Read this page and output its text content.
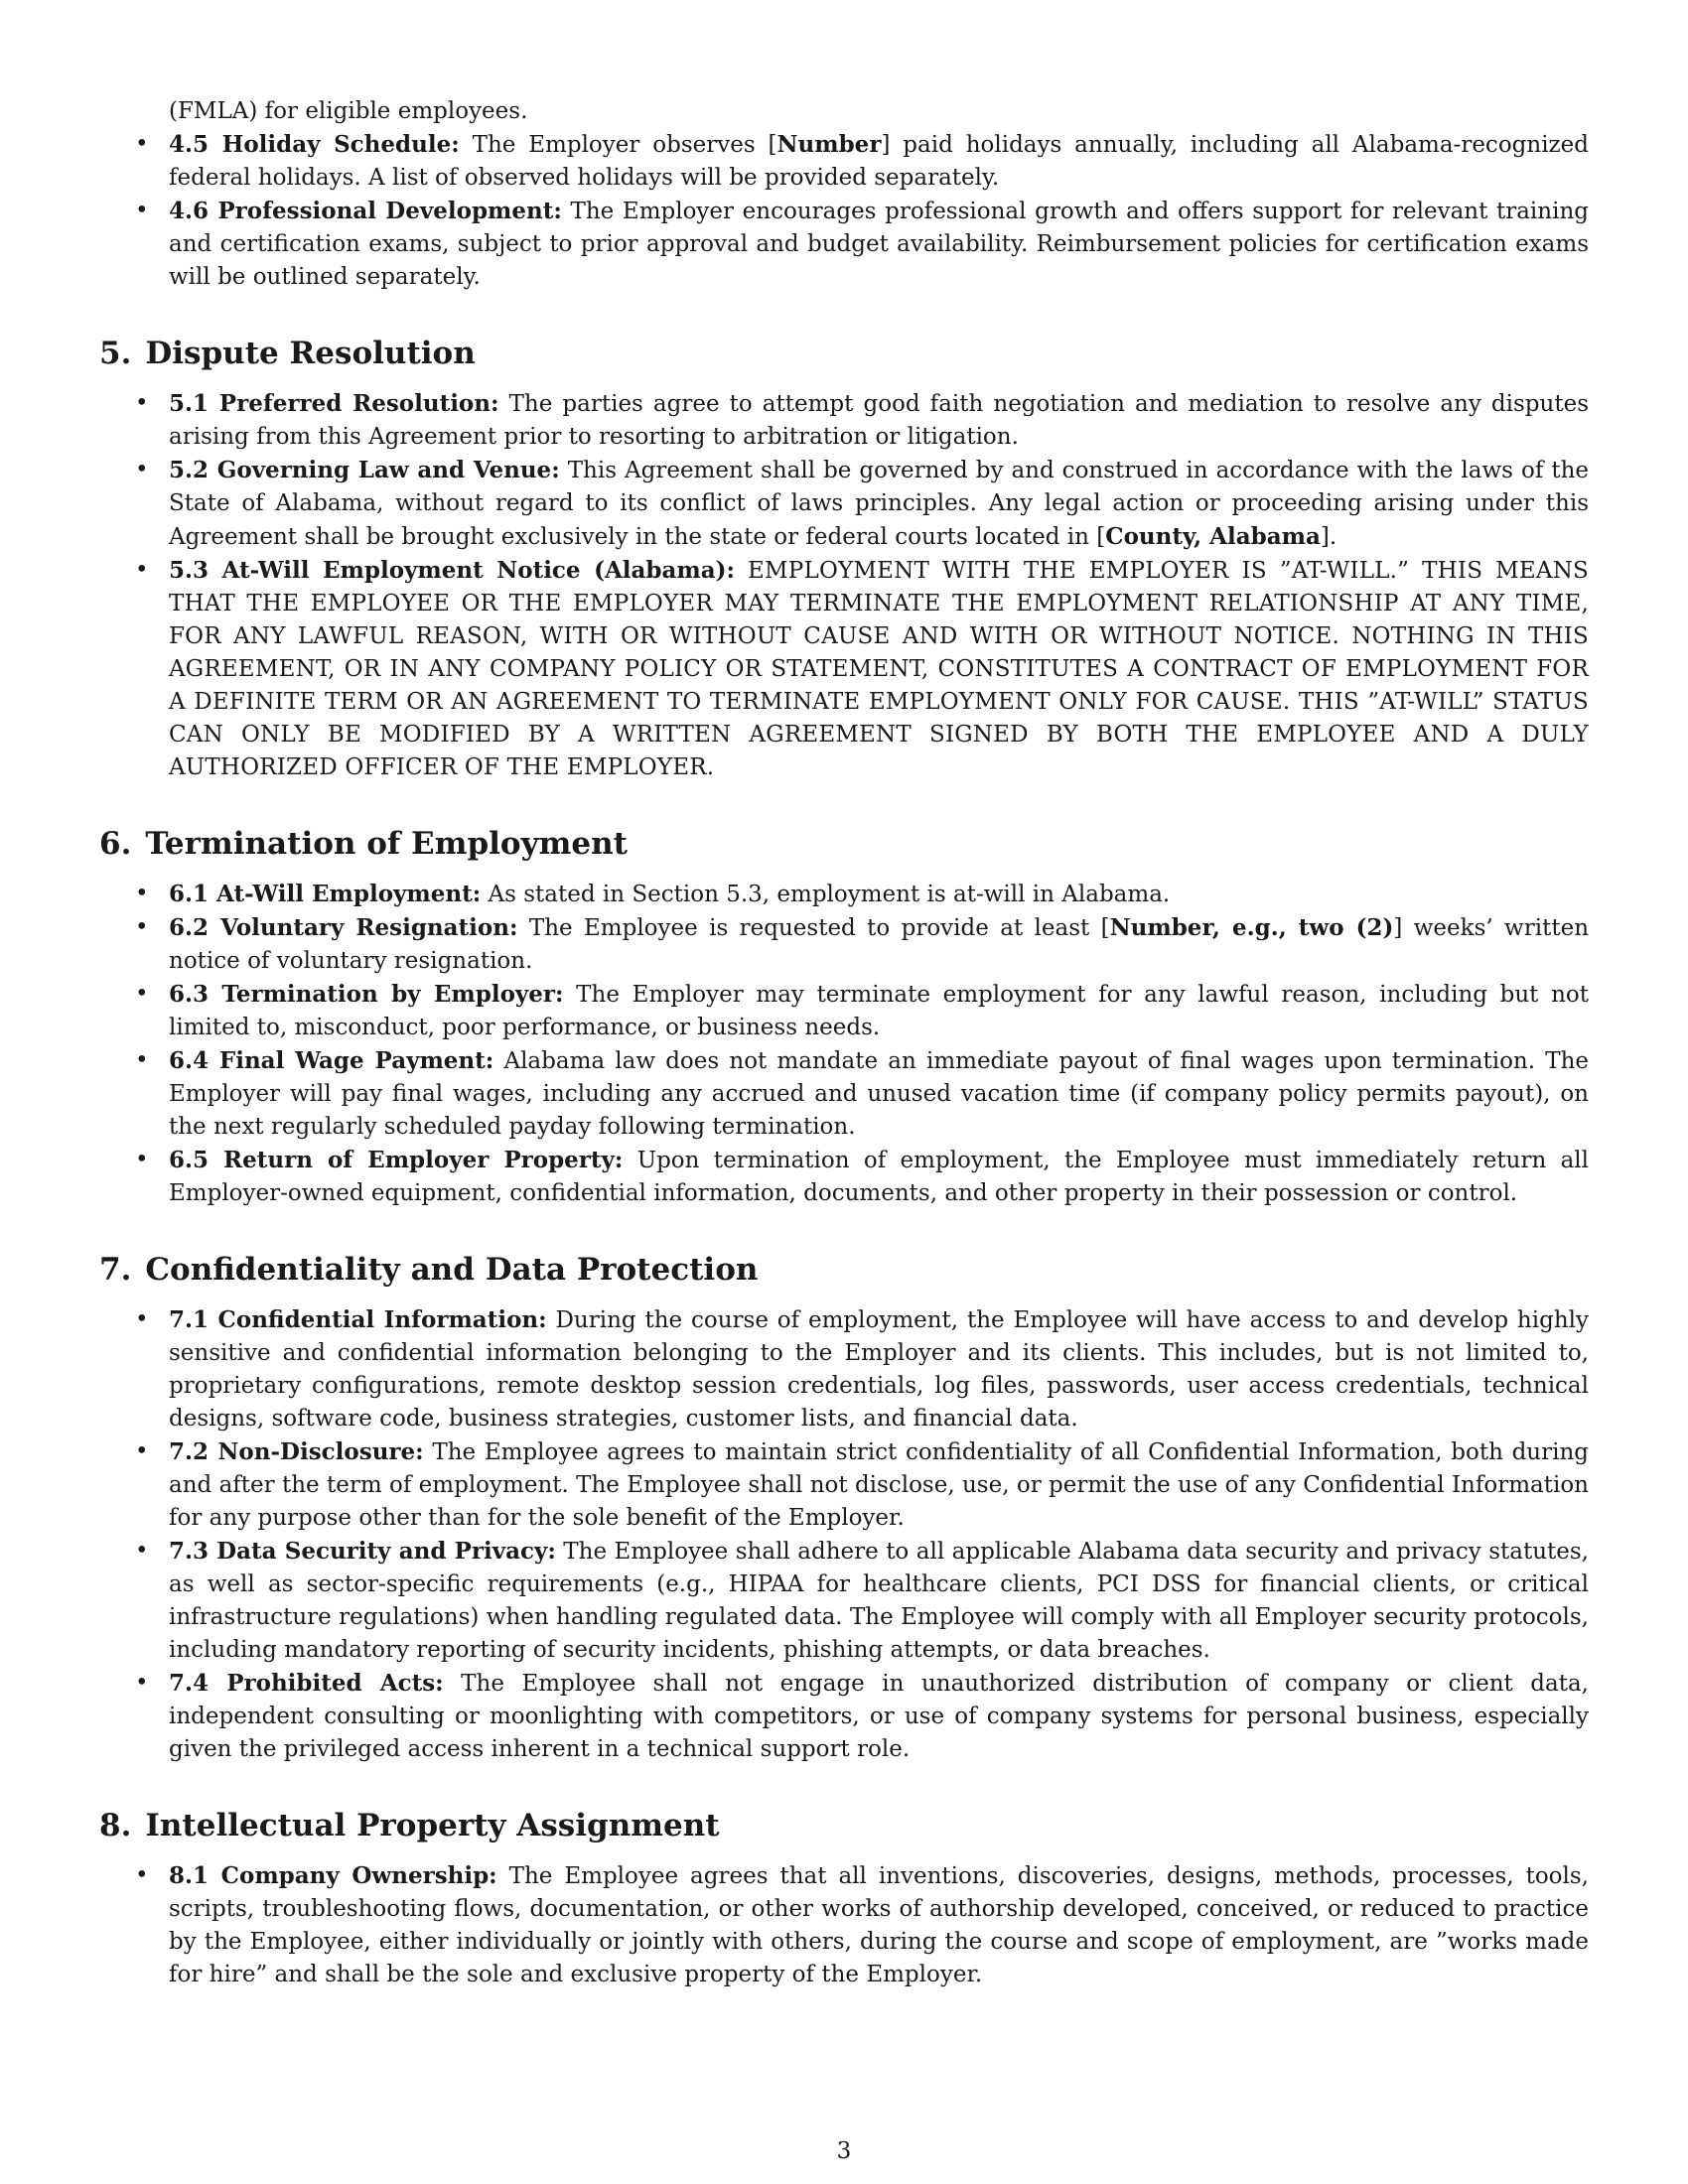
(FMLA) for eligible employees.

• 4.5 Holiday Schedule: The Employer observes [Number] paid holidays annually, including all Alabama-recognized federal holidays. A list of observed holidays will be provided separately.
• 4.6 Professional Development: The Employer encourages professional growth and offers support for relevant training and certification exams, subject to prior approval and budget availability. Reimbursement policies for certification exams will be outlined separately.
5. Dispute Resolution
• 5.1 Preferred Resolution: The parties agree to attempt good faith negotiation and mediation to resolve any disputes arising from this Agreement prior to resorting to arbitration or litigation.
• 5.2 Governing Law and Venue: This Agreement shall be governed by and construed in accordance with the laws of the State of Alabama, without regard to its conflict of laws principles. Any legal action or proceeding arising under this Agreement shall be brought exclusively in the state or federal courts located in [County, Alabama].
• 5.3 At-Will Employment Notice (Alabama): EMPLOYMENT WITH THE EMPLOYER IS ”AT-WILL.” THIS MEANS THAT THE EMPLOYEE OR THE EMPLOYER MAY TERMINATE THE EMPLOYMENT RELATIONSHIP AT ANY TIME, FOR ANY LAWFUL REASON, WITH OR WITHOUT CAUSE AND WITH OR WITHOUT NOTICE. NOTHING IN THIS AGREEMENT, OR IN ANY COMPANY POLICY OR STATEMENT, CONSTITUTES A CONTRACT OF EMPLOYMENT FOR A DEFINITE TERM OR AN AGREEMENT TO TERMINATE EMPLOYMENT ONLY FOR CAUSE. THIS ”AT-WILL” STATUS CAN ONLY BE MODIFIED BY A WRITTEN AGREEMENT SIGNED BY BOTH THE EMPLOYEE AND A DULY AUTHORIZED OFFICER OF THE EMPLOYER.
6. Termination of Employment
• 6.1 At-Will Employment: As stated in Section 5.3, employment is at-will in Alabama.
• 6.2 Voluntary Resignation: The Employee is requested to provide at least [Number, e.g., two (2)] weeks’ written notice of voluntary resignation.
• 6.3 Termination by Employer: The Employer may terminate employment for any lawful reason, including but not limited to, misconduct, poor performance, or business needs.
• 6.4 Final Wage Payment: Alabama law does not mandate an immediate payout of final wages upon termination. The Employer will pay final wages, including any accrued and unused vacation time (if company policy permits payout), on the next regularly scheduled payday following termination.
• 6.5 Return of Employer Property: Upon termination of employment, the Employee must immediately return all Employer-owned equipment, confidential information, documents, and other property in their possession or control.
7. Confidentiality and Data Protection
• 7.1 Confidential Information: During the course of employment, the Employee will have access to and develop highly sensitive and confidential information belonging to the Employer and its clients. This includes, but is not limited to, proprietary configurations, remote desktop session credentials, log files, passwords, user access credentials, technical designs, software code, business strategies, customer lists, and financial data.
• 7.2 Non-Disclosure: The Employee agrees to maintain strict confidentiality of all Confidential Information, both during and after the term of employment. The Employee shall not disclose, use, or permit the use of any Confidential Information for any purpose other than for the sole benefit of the Employer.
• 7.3 Data Security and Privacy: The Employee shall adhere to all applicable Alabama data security and privacy statutes, as well as sector-specific requirements (e.g., HIPAA for healthcare clients, PCI DSS for financial clients, or critical infrastructure regulations) when handling regulated data. The Employee will comply with all Employer security protocols, including mandatory reporting of security incidents, phishing attempts, or data breaches.
• 7.4 Prohibited Acts: The Employee shall not engage in unauthorized distribution of company or client data, independent consulting or moonlighting with competitors, or use of company systems for personal business, especially given the privileged access inherent in a technical support role.
8. Intellectual Property Assignment
• 8.1 Company Ownership: The Employee agrees that all inventions, discoveries, designs, methods, processes, tools, scripts, troubleshooting flows, documentation, or other works of authorship developed, conceived, or reduced to practice by the Employee, either individually or jointly with others, during the course and scope of employment, are ”works made for hire” and shall be the sole and exclusive property of the Employer.
3
